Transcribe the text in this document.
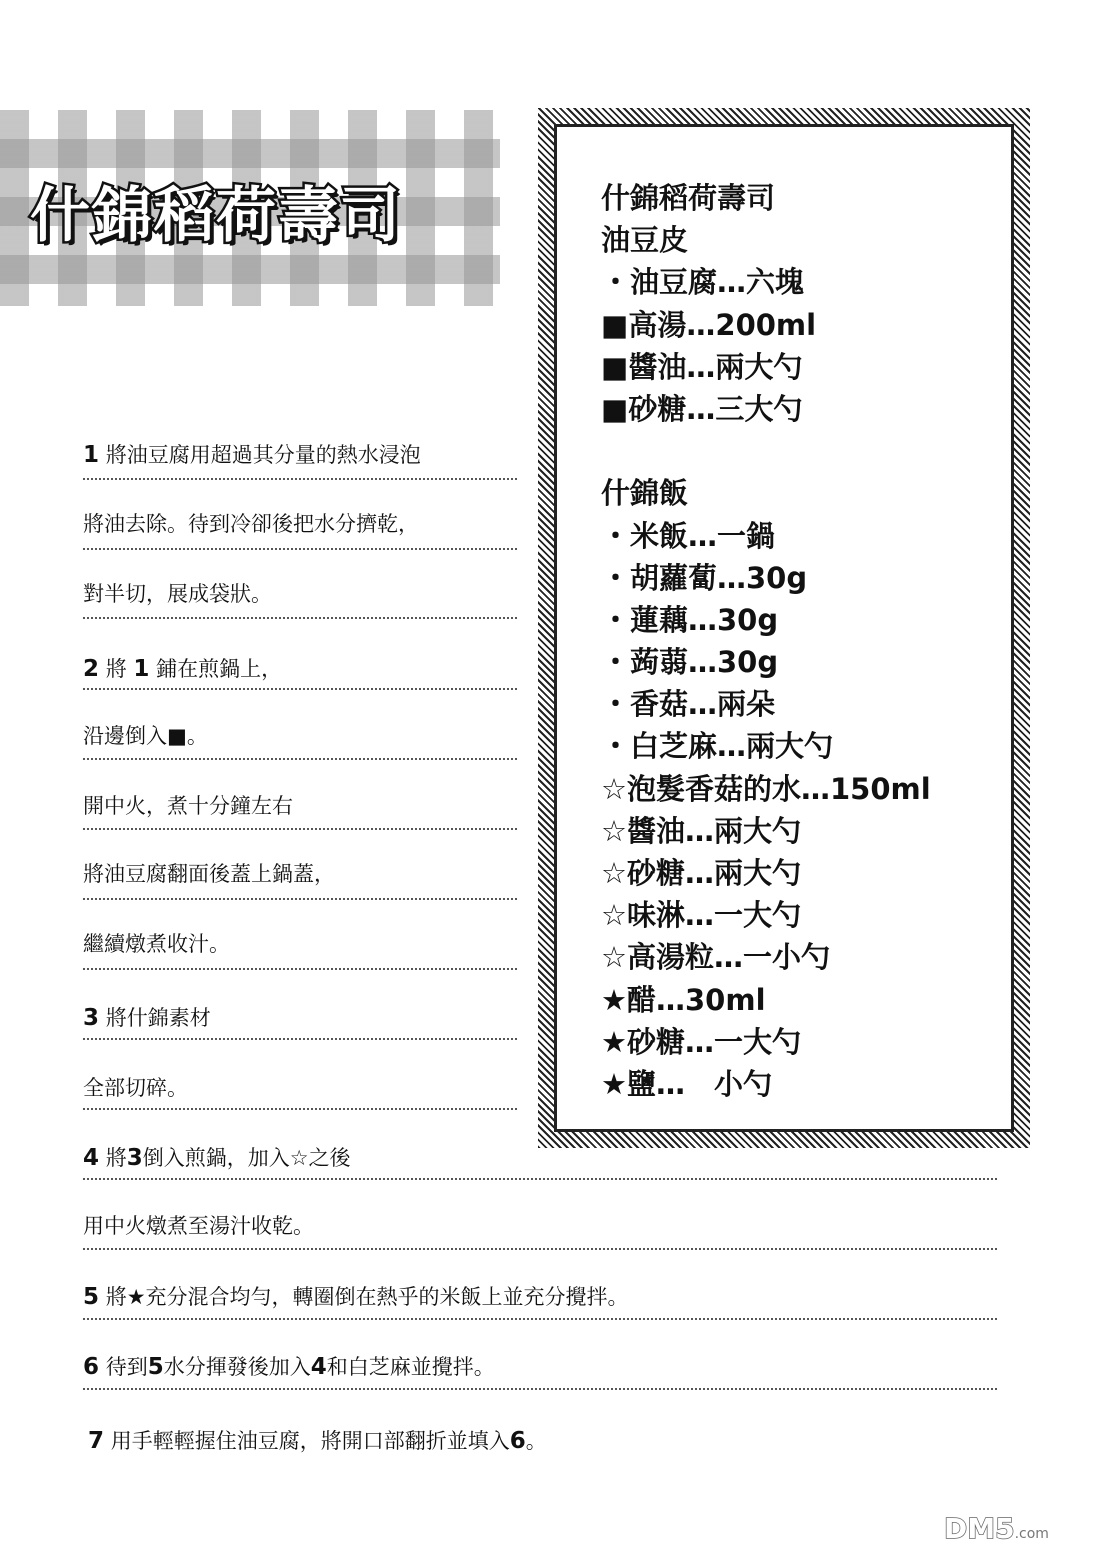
什錦稻荷壽司	什錦稻荷壽司
油豆皮
・油豆腐…六塊
■高湯…200ml
■醬油…兩大勺
■砂糖…三大勺
什錦飯
・米飯…一鍋
・胡蘿蔔…30g
・蓮藕…30g
・蒟蒻…30g
・香菇…兩朵
・白芝麻…兩大勺
☆泡髮香菇的水…150ml
☆醬油…兩大勺
☆砂糖…兩大勺
☆味淋…一大勺
☆高湯粒…一小勺
★醋…30ml
★砂糖…一大勺
★鹽…　小勺
1 將油豆腐用超過其分量的熱水浸泡
將油去除。待到冷卻後把水分擠乾，
對半切，展成袋狀。
2 將 1 鋪在煎鍋上，
沿邊倒入■。
開中火，煮十分鐘左右
將油豆腐翻面後蓋上鍋蓋，
繼續燉煮收汁。
3 將什錦素材
全部切碎。
4 將3倒入煎鍋，加入☆之後
用中火燉煮至湯汁收乾。
5 將★充分混合均勻，轉圈倒在熱乎的米飯上並充分攪拌。
6 待到5水分揮發後加入4和白芝麻並攪拌。
7 用手輕輕握住油豆腐，將開口部翻折並填入6。
DM5.com
